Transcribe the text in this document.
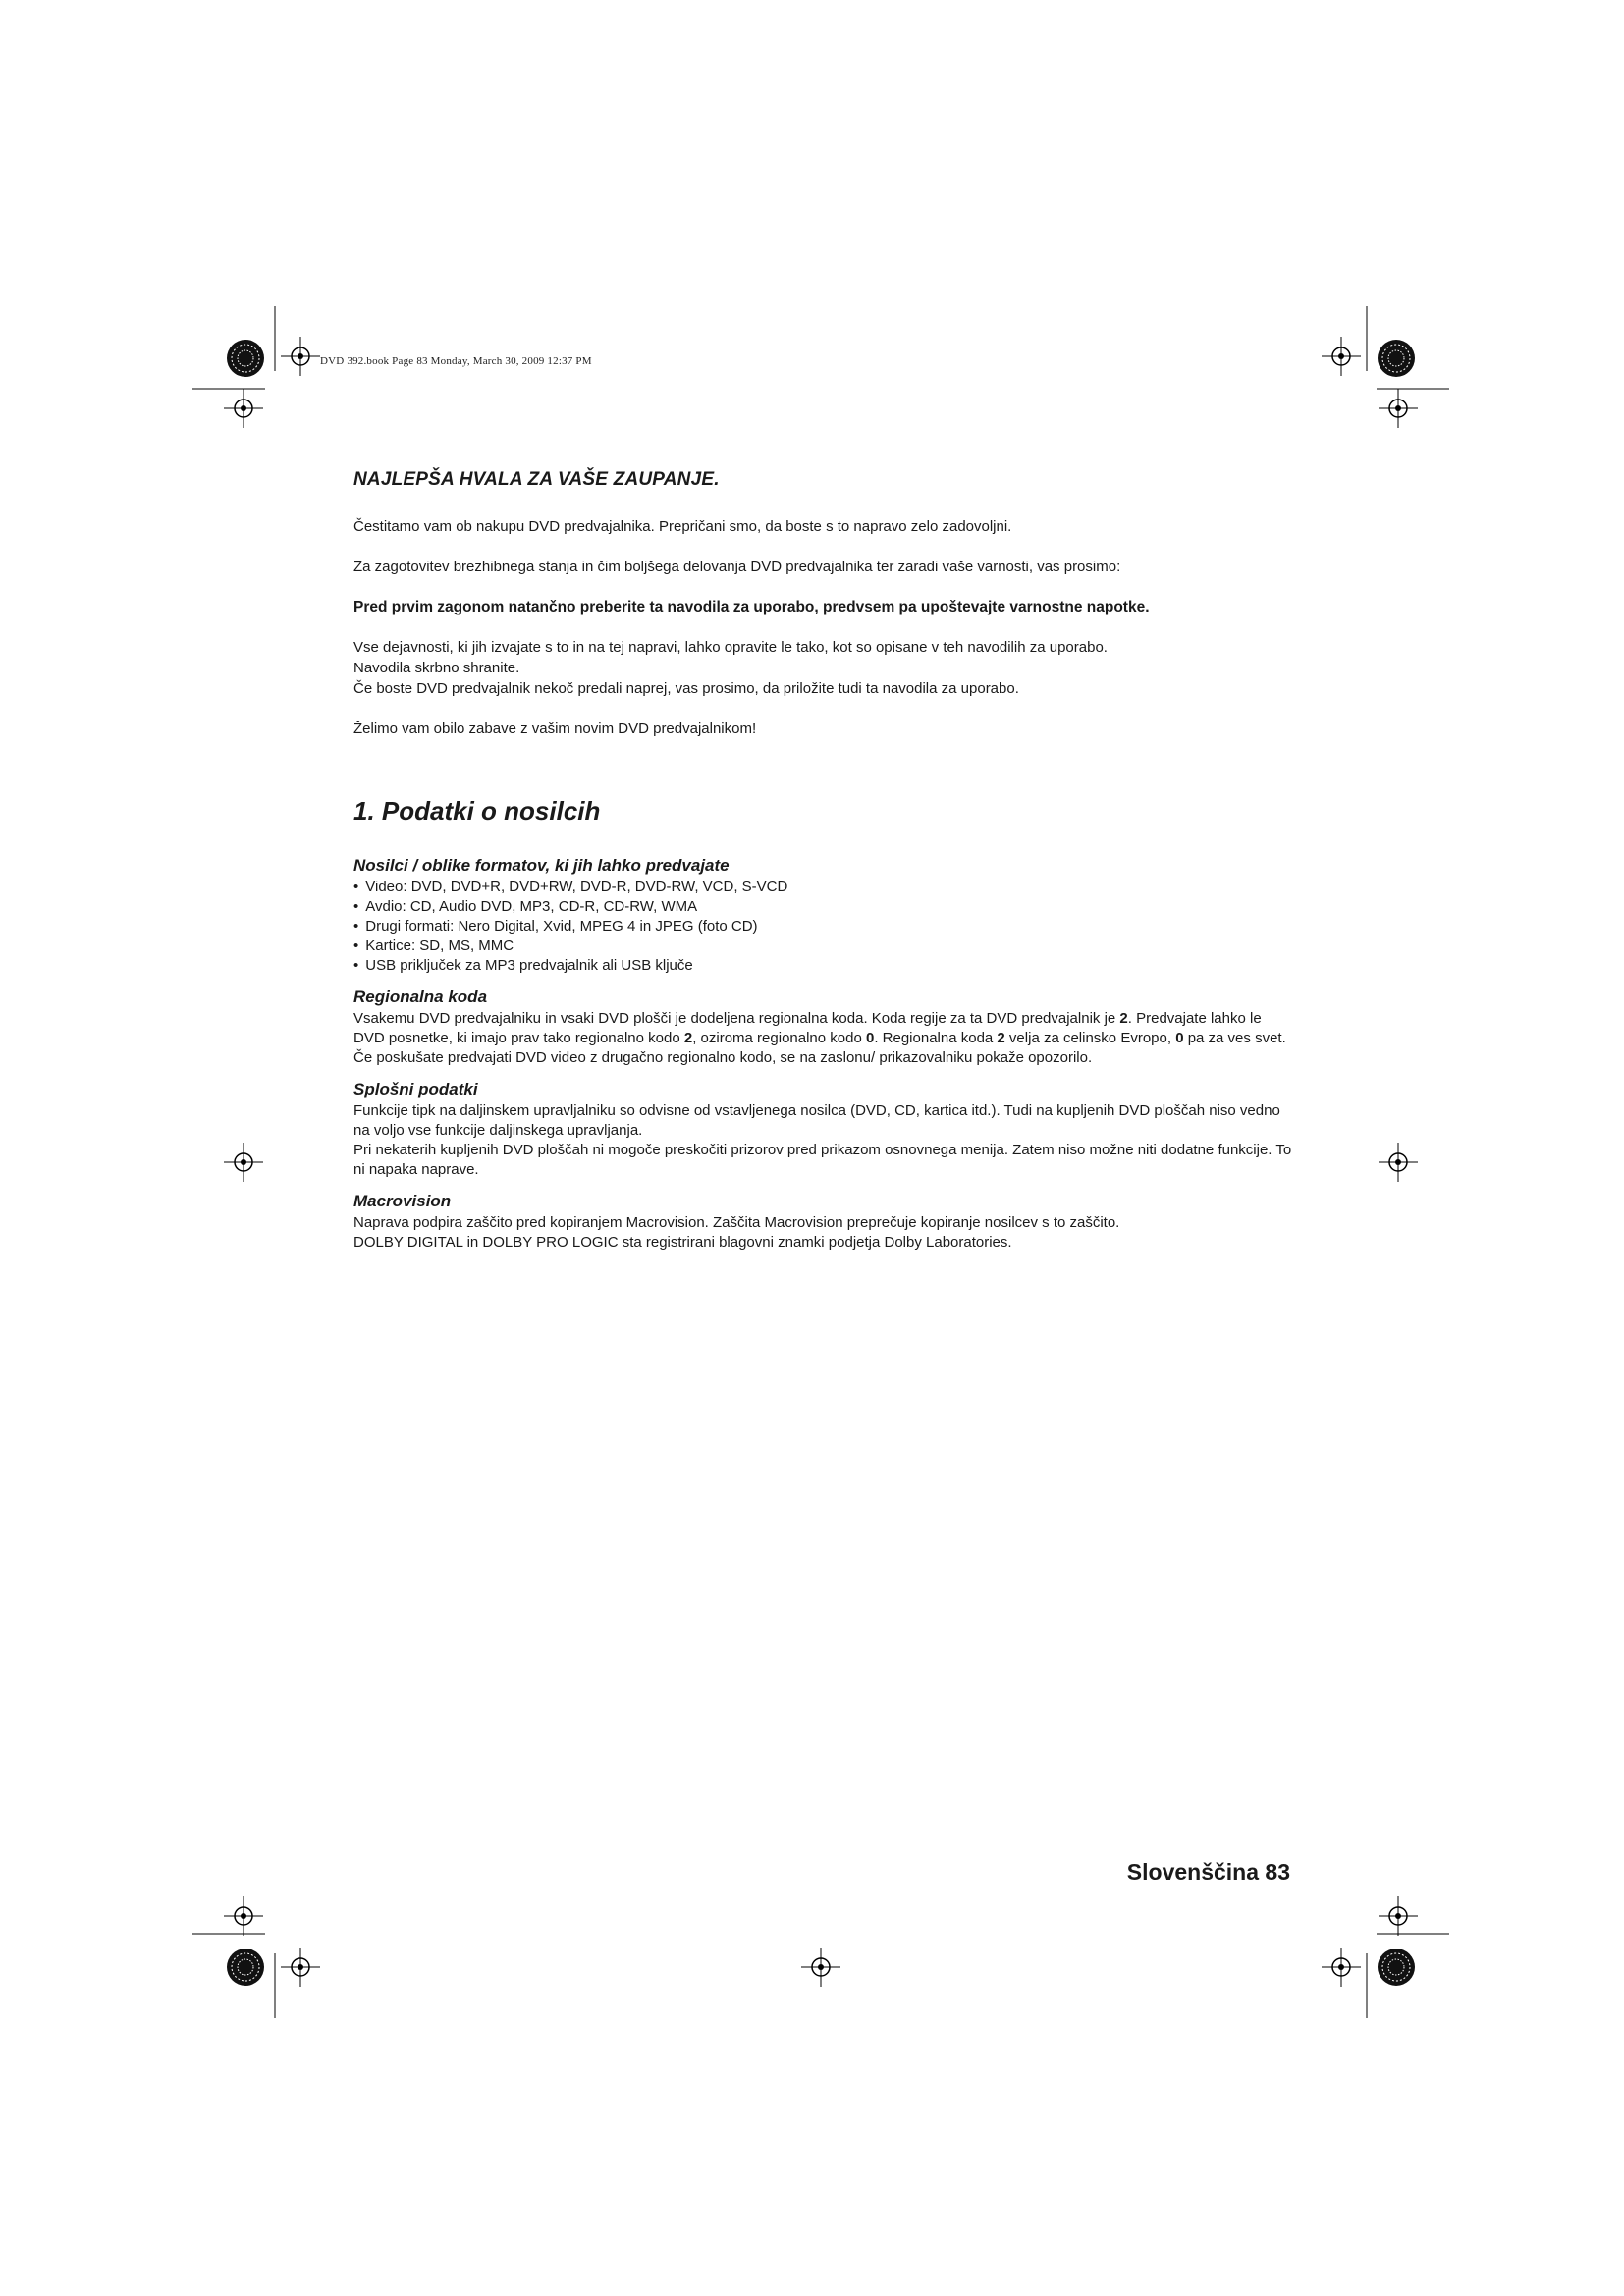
DVD 392.book Page 83 Monday, March 30, 2009 12:37 PM
NAJLEPŠA HVALA ZA VAŠE ZAUPANJE.

Čestitamo vam ob nakupu DVD predvajalnika. Prepričani smo, da boste s to napravo zelo zadovoljni.

Za zagotovitev brezhibnega stanja in čim boljšega delovanja DVD predvajalnika ter zaradi vaše varnosti, vas prosimo:

Pred prvim zagonom natančno preberite ta navodila za uporabo, predvsem pa upoštevajte varnostne napotke.

Vse dejavnosti, ki jih izvajate s to in na tej napravi, lahko opravite le tako, kot so opisane v teh navodilih za uporabo.

Navodila skrbno shranite.

Če boste DVD predvajalnik nekoč predali naprej, vas prosimo, da priložite tudi ta navodila za uporabo.

Želimo vam obilo zabave z vašim novim DVD predvajalnikom!

1. Podatki o nosilcih
Nosilci / oblike formatov, ki jih lahko predvajate
• Video: DVD, DVD+R, DVD+RW, DVD-R, DVD-RW, VCD, S-VCD
• Avdio: CD, Audio DVD, MP3, CD-R, CD-RW, WMA
• Drugi formati: Nero Digital, Xvid, MPEG 4 in JPEG (foto CD)
• Kartice: SD, MS, MMC
• USB priključek za MP3 predvajalnik ali USB ključe
Regionalna koda

Vsakemu DVD predvajalniku in vsaki DVD plošči je dodeljena regionalna koda. Koda regije za ta DVD predvajalnik je 2. Predvajate lahko le DVD posnetke, ki imajo prav tako regionalno kodo 2, oziroma regionalno kodo 0. Regionalna koda 2 velja za celinsko Evropo, 0 pa za ves svet. Če poskušate predvajati DVD video z drugačno regionalno kodo, se na zaslonu/ prikazovalniku pokaže opozorilo.

Splošni podatki

Funkcije tipk na daljinskem upravljalniku so odvisne od vstavljenega nosilca (DVD, CD, kartica itd.). Tudi na kupljenih DVD ploščah niso vedno na voljo vse funkcije daljinskega upravljanja.

Pri nekaterih kupljenih DVD ploščah ni mogoče preskočiti prizorov pred prikazom osnovnega menija. Zatem niso možne niti dodatne funkcije. To ni napaka naprave.

Macrovision

Naprava podpira zaščito pred kopiranjem Macrovision. Zaščita Macrovision preprečuje kopiranje nosilcev s to zaščito.

DOLBY DIGITAL in DOLBY PRO LOGIC sta registrirani blagovni znamki podjetja Dolby Laboratories.

Slovenščina 83
